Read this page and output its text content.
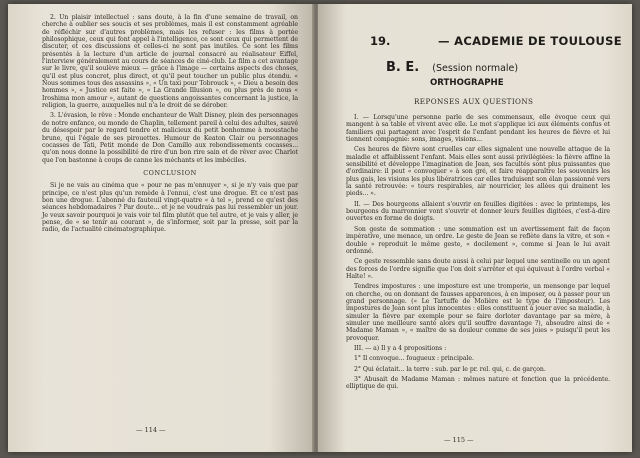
2. Un plaisir intellectuel : sans doute, à la fin d'une semaine de travail, on cherche à oublier ses soucis et ses problèmes, mais il est constamment agréable de réfléchir sur d'autres problèmes, mais les refuser : les films à portée philosophique, ceux qui font appel à l'intelligence, ce sont ceux qui permettent de discuter, et ces discussions et celles-ci ne sont pas inutiles. Ce sont les films présentés à la lecture d'un article de journal consacré au réalisateur Eiffel, l'interview généralement au cours de séances de ciné-club. Le film a cet avantage sur le livre, qu'il soulève mieux — grâce à l'image — certains aspects des choses, qu'il est plus concret, plus direct, et qu'il peut toucher un public plus étendu. « Nous sommes tous des assassins », « Un taxi pour Tobrouck », « Dieu a besoin des hommes », « Justice est faite », « La Grande Illusion », ou plus près de nous « Iroshima mon amour », autant de questions angoissantes concernant la justice, la religion, la guerre, auxquelles nul n'a le droit de se dérober.

3. L'évasion, le rêve : Monde enchanteur de Walt Disney, plein des personnages de notre enfance, ou monde de Chaplin, tellement pareil à celui des adultes, sauvé du désespoir par le regard tendre et malicieux du petit bonhomme à moustache brune, qui l'égale de ses pirouettes. Humour de Keaton Clair ou personnages cocasses de Tati, Petit monde de Don Camillo aux rebondissements cocasses... qu'on nous donne la possibilité de rire d'un bon rire sain et de rêver avec Charlot que l'on bastonne à coups de canne les méchants et les imbéciles.

CONCLUSION

Si je ne vais au cinéma que « pour ne pas m'ennuyer », si je n'y vais que par principe, ce n'est plus qu'un remède à l'ennui, c'est une drogue. Et ce n'est pas bon une drogue. L'abonné du fauteuil vingt-quatre « à tel », prend ce qu'est des séances hebdomadaires ? Par doute... et je ne voudrais pas lui ressembler un jour. Je veux savoir pourquoi je vais voir tel film plutôt que tel autre, et je vais y aller, je pense, de « se tenir au courant », de s'informer, soit par la presse, soit par la radio, de l'actualité cinématographique.

— 114 —
19.	— ACADEMIE DE TOULOUSE
B. E. (Session normale)
ORTHOGRAPHE
REPONSES AUX QUESTIONS

I. — Lorsqu'une personne parle de ses commensaux, elle évoque ceux qui mangent à sa table et vivent avec elle. Le mot s'applique ici aux éléments confus et familiers qui partagent avec l'esprit de l'enfant pendant les heures de fièvre et lui tiennent compagnie: sons, images, visions...

Ces heures de fièvre sont cruelles car elles signalent une nouvelle attaque de la maladie et affaiblissent l'enfant. Mais elles sont aussi privilégiées: la fièvre affine la sensibilité et développe l'imagination de Jean, ses facultés sont plus puissantes que d'ordinaire: il peut « convoquer » à son gré, et faire réapparaître les souvenirs les plus gais, les visions les plus libératrices car elles traduisent son élan passionné vers la santé retrouvée: « tours respirables, air nourricier, les allées qui drainent les pieds... ».

II. — Des bourgeons allaient s'ouvrir en feuilles digitées : avec le printemps, les bourgeons du marronnier vont s'ouvrir et donner leurs feuilles digitées, c'est-à-dire ouvertes en forme de doigts.

Son geste de sommation : une sommation est un avertissement fait de façon impérative, une menace, un ordre. Le geste de Jean se reflète dans la vitre, et son « double » reproduit le même geste, « docilement », comme si Jean le lui avait ordonné.

Ce geste ressemble sans doute aussi à celui par lequel une sentinelle ou un agent des forces de l'ordre signifie que l'on doit s'arrêter et qui équivaut à l'ordre verbal « Halte! ».

Tendres impostures : une imposture est une tromperie, un mensonge par lequel on cherche, ou on donnant de fausses apparences, à en imposer, ou à passer pour un grand personnage. (« Le Tartuffe de Molière est le type de l'imposteur). Les impostures de Jean sont plus innocentes : elles constituent à jouer avec sa maladie, à simuler la fièvre par exemple pour se faire dorloter davantage par sa mère, à simuler une meilleure santé alors qu'il souffre davantage ?), absoudre ainsi de « Madame Maman », « maître de sa douleur comme de ses joies » puisqu'il peut les provoquer.

III. — a) Il y a 4 propositions :

1° Il convoque... fougueux : principale.

2° Qui éclatait... la terre : sub. par le pr. rel. qui, c. de garçon.

3° Abusait de Madame Maman : mêmes nature et fonction que la précédente. elliptique de qui.

— 115 —
